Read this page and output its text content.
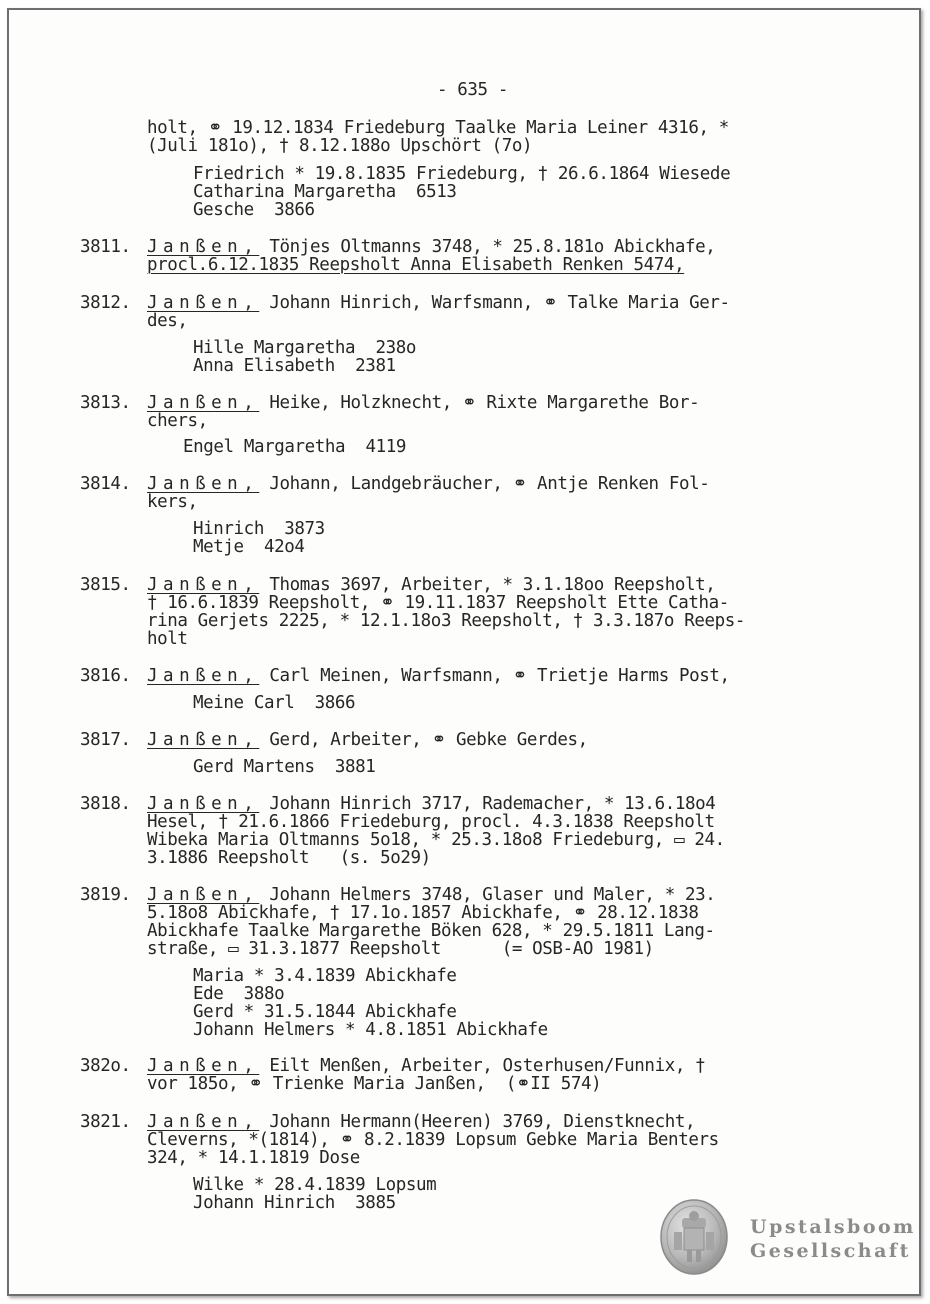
- 635 -
holt, ⚭ 19.12.1834 Friedeburg Taalke Maria Leiner 4316, *
(Juli 181o), † 8.12.188o Upschört (7o)
Friedrich * 19.8.1835 Friedeburg, † 26.6.1864 Wiesede
Catharina Margaretha  6513
Gesche  3866
3811. Janßen, Tönjes Oltmanns 3748, * 25.8.181o Abickhafe,
procl.6.12.1835 Reepsholt Anna Elisabeth Renken 5474,
3812. Janßen, Johann Hinrich, Warfsmann, ⚭ Talke Maria Ger-
des,
Hille Margaretha  238o
Anna Elisabeth  2381
3813. Janßen, Heike, Holzknecht, ⚭ Rixte Margarethe Bor-
chers,
Engel Margaretha  4119
3814. Janßen, Johann, Landgebräucher, ⚭ Antje Renken Fol-
kers,
Hinrich  3873
Metje  42o4
3815. Janßen, Thomas 3697, Arbeiter, * 3.1.18oo Reepsholt,
† 16.6.1839 Reepsholt, ⚭ 19.11.1837 Reepsholt Ette Catha-
rina Gerjets 2225, * 12.1.18o3 Reepsholt, † 3.3.187o Reeps-
holt
3816. Janßen, Carl Meinen, Warfsmann, ⚭ Trietje Harms Post,
Meine Carl  3866
3817. Janßen, Gerd, Arbeiter, ⚭ Gebke Gerdes,
Gerd Martens  3881
3818. Janßen, Johann Hinrich 3717, Rademacher, * 13.6.18o4
Hesel, † 21.6.1866 Friedeburg, procl. 4.3.1838 Reepsholt
Wibeka Maria Oltmanns 5o18, * 25.3.18o8 Friedeburg, ▭ 24.
3.1886 Reepsholt   (s. 5o29)
3819. Janßen, Johann Helmers 3748, Glaser und Maler, * 23.
5.18o8 Abickhafe, † 17.1o.1857 Abickhafe, ⚭ 28.12.1838
Abickhafe Taalke Margarethe Böken 628, * 29.5.1811 Lang-
straße, ▭ 31.3.1877 Reepsholt      (= OSB-AO 1981)
Maria * 3.4.1839 Abickhafe
Ede  388o
Gerd * 31.5.1844 Abickhafe
Johann Helmers * 4.8.1851 Abickhafe
382o. Janßen, Eilt Menßen, Arbeiter, Osterhusen/Funnix, †
vor 185o, ⚭ Trienke Maria Janßen,  (⚭II 574)
3821. Janßen, Johann Hermann(Heeren) 3769, Dienstknecht,
Cleverns, *(1814), ⚭ 8.2.1839 Lopsum Gebke Maria Benters
324, * 14.1.1819 Dose
Wilke * 28.4.1839 Lopsum
Johann Hinrich  3885
Upstalsboom
Gesellschaft
